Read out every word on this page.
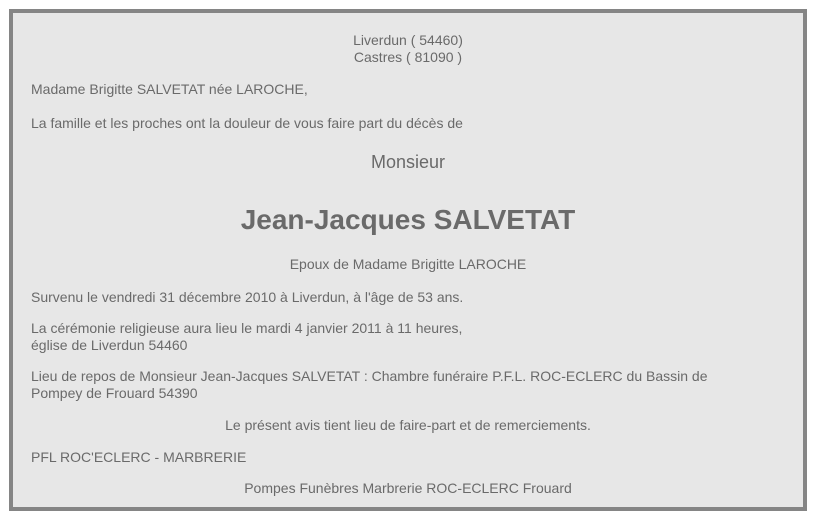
Liverdun ( 54460)
Castres ( 81090 )
Madame Brigitte SALVETAT née LAROCHE,
La famille et les proches ont la douleur de vous faire part du décès de
Monsieur
Jean-Jacques SALVETAT
Epoux de Madame Brigitte LAROCHE
Survenu le vendredi 31 décembre 2010 à Liverdun, à l'âge de 53 ans.
La cérémonie religieuse aura lieu le mardi 4 janvier 2011 à 11 heures,
église de Liverdun 54460
Lieu de repos de Monsieur Jean-Jacques SALVETAT : Chambre funéraire P.F.L. ROC-ECLERC du Bassin de
Pompey de Frouard 54390
Le présent avis tient lieu de faire-part et de remerciements.
PFL ROC'ECLERC - MARBRERIE
Pompes Funèbres Marbrerie ROC-ECLERC Frouard
